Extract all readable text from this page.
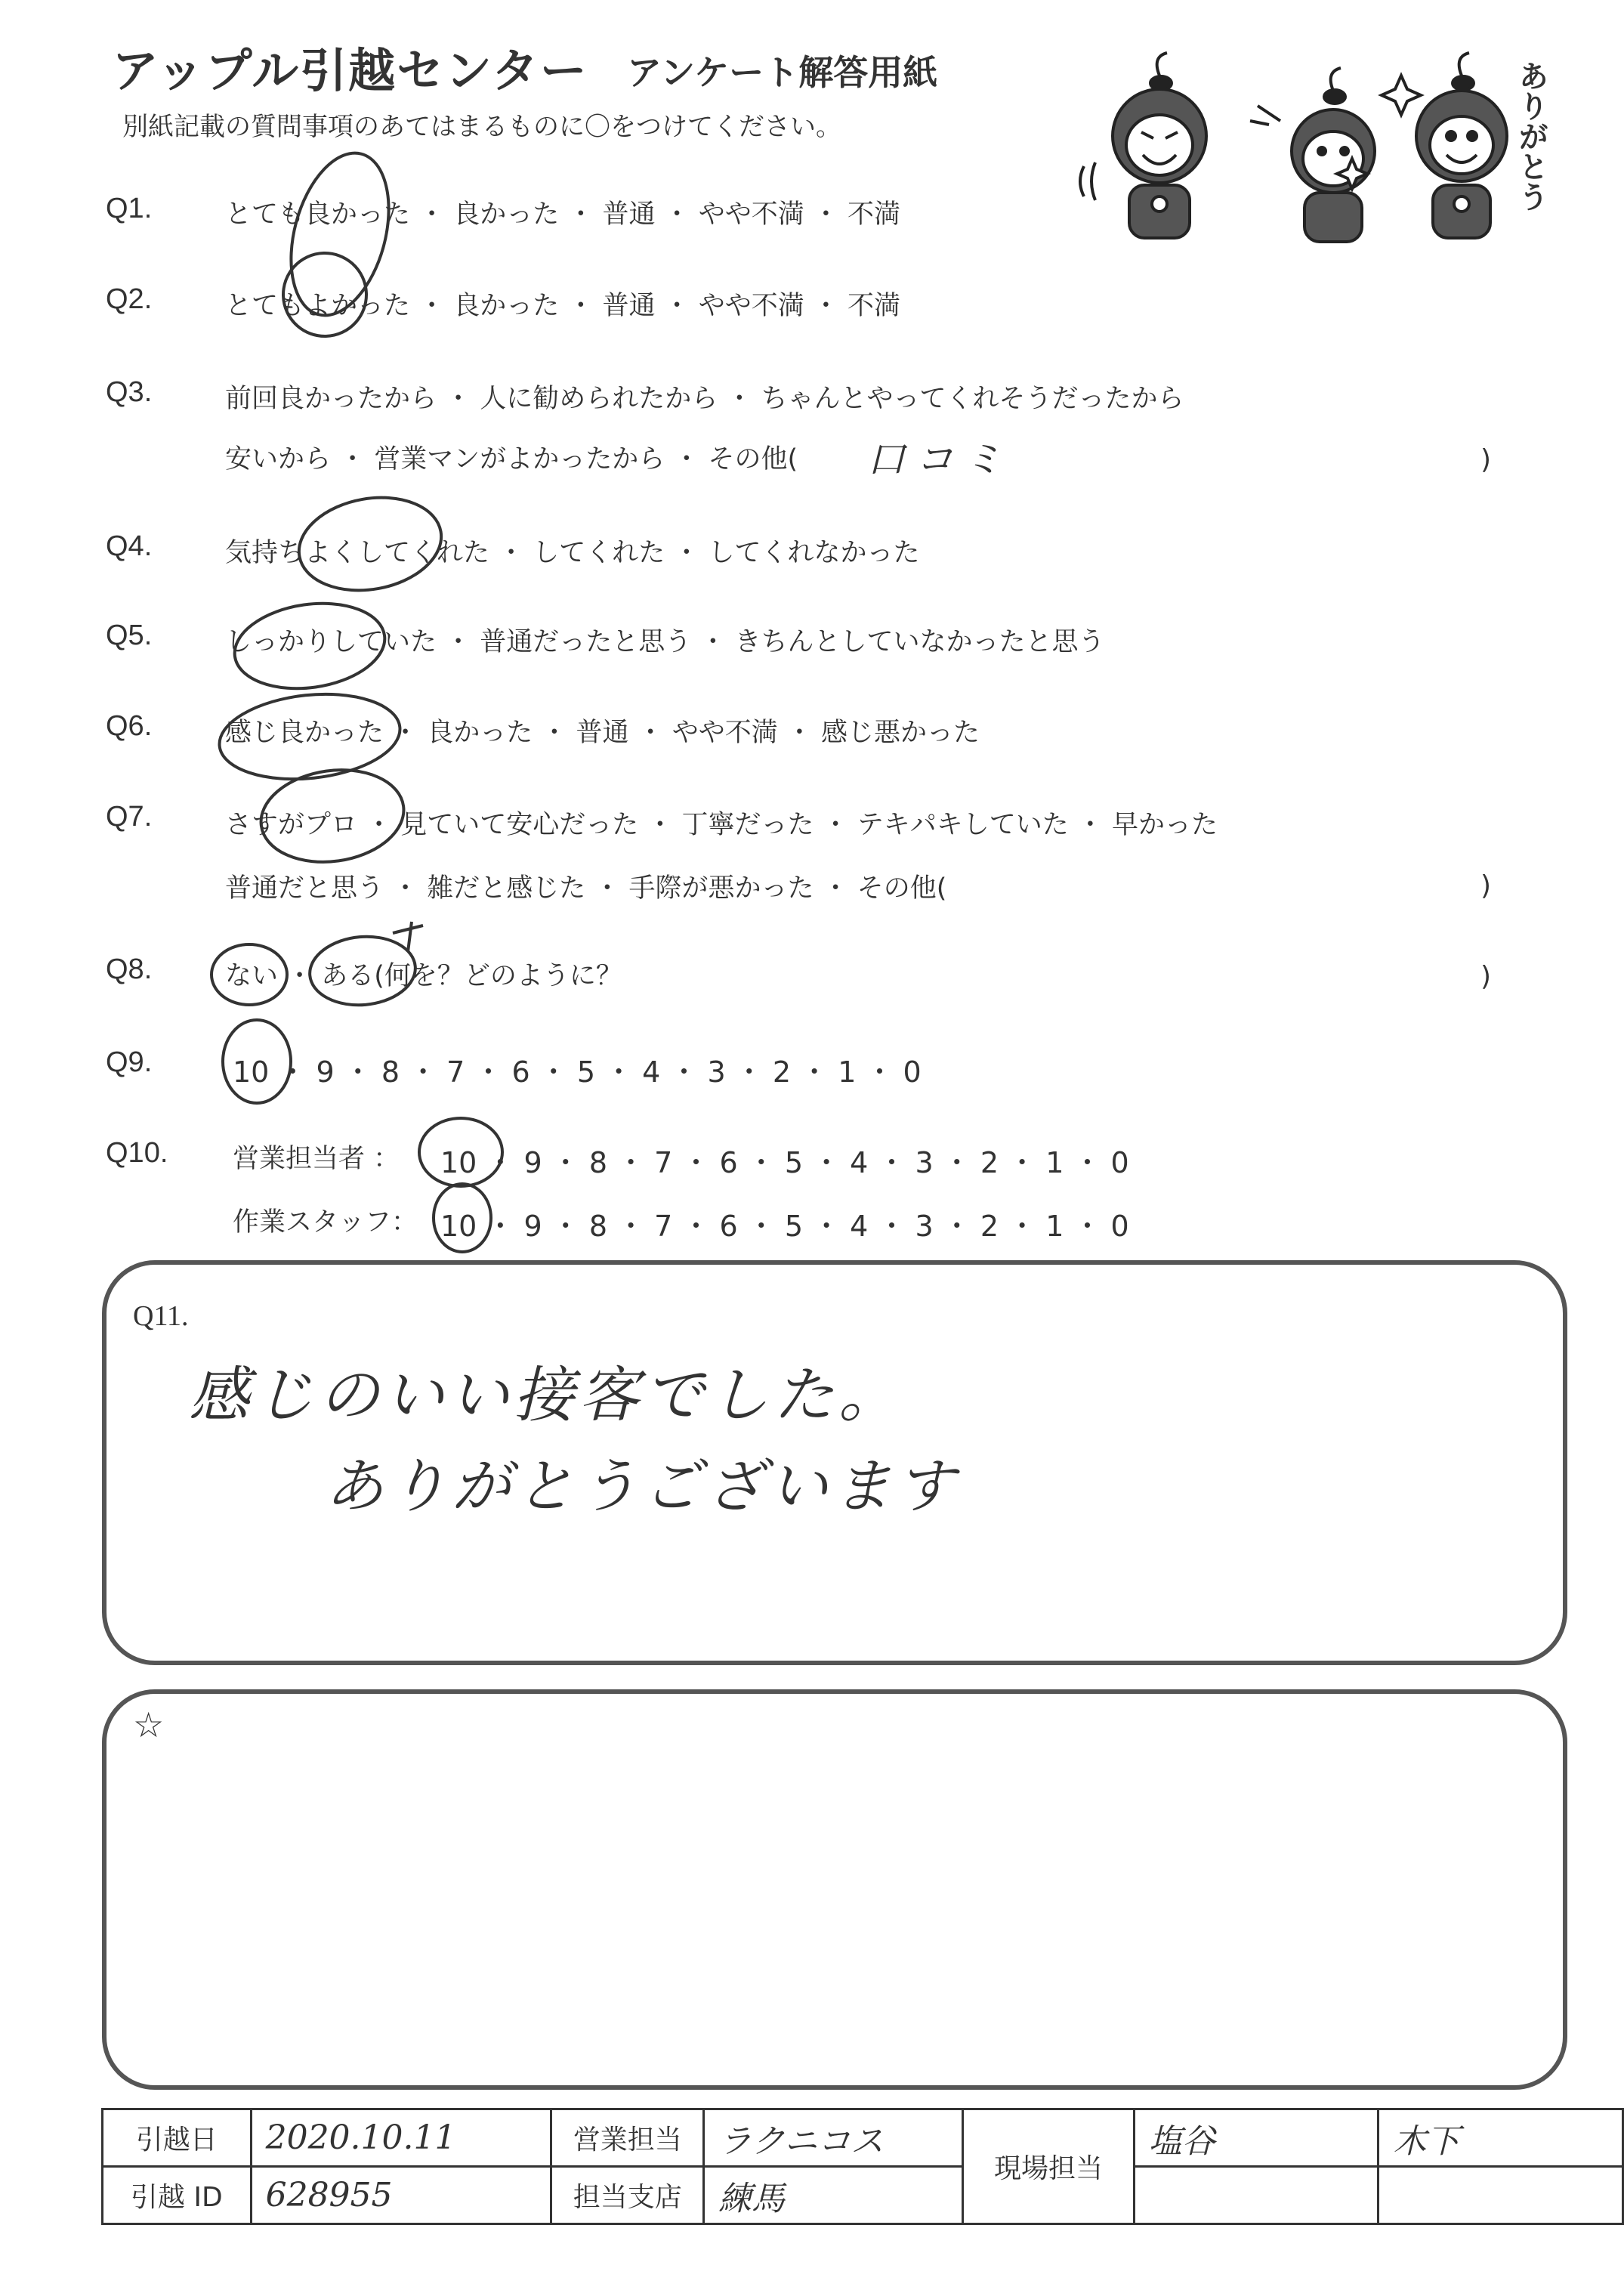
アップル引越センター アンケート解答用紙
別紙記載の質問事項のあてはまるものに〇をつけてください。	ありがとう
Q1.	とても良かった ・ 良かった ・ 普通 ・ やや不満 ・ 不満
Q2.	とてもよかった ・ 良かった ・ 普通 ・ やや不満 ・ 不満
Q3.	前回良かったから ・ 人に勧められたから ・ ちゃんとやってくれそうだったから
安いから ・ 営業マンがよかったから ・ その他( 口コミ	)
Q4.	気持ちよくしてくれた ・ してくれた ・ してくれなかった
Q5.	しっかりしていた ・ 普通だったと思う ・ きちんとしていなかったと思う
Q6.	感じ良かった ・ 良かった ・ 普通 ・ やや不満 ・ 感じ悪かった
Q7.	さすがプロ ・ 見ていて安心だった ・ 丁寧だった ・ テキパキしていた ・ 早かった
普通だと思う ・ 雑だと感じた ・ 手際が悪かった ・ その他(	)
Q8.	ない ・ ある(何を？どのように？	)
Q9.	10 ・ 9 ・ 8 ・ 7 ・ 6 ・ 5 ・ 4 ・ 3 ・ 2 ・ 1 ・ 0
Q10. 営業担当者 ： 10 ・ 9 ・ 8 ・ 7 ・ 6 ・ 5 ・ 4 ・ 3 ・ 2 ・ 1 ・ 0
作業スタッフ： 10 ・ 9 ・ 8 ・ 7 ・ 6 ・ 5 ・ 4 ・ 3 ・ 2 ・ 1 ・ 0
Q11.
感じのいい接客でした。
ありがとうございます
☆
引越日	2020.10.11	営業担当	ラクニコス	現場担当	塩谷	木下
引越 ID	628955	担当支店	練馬			
